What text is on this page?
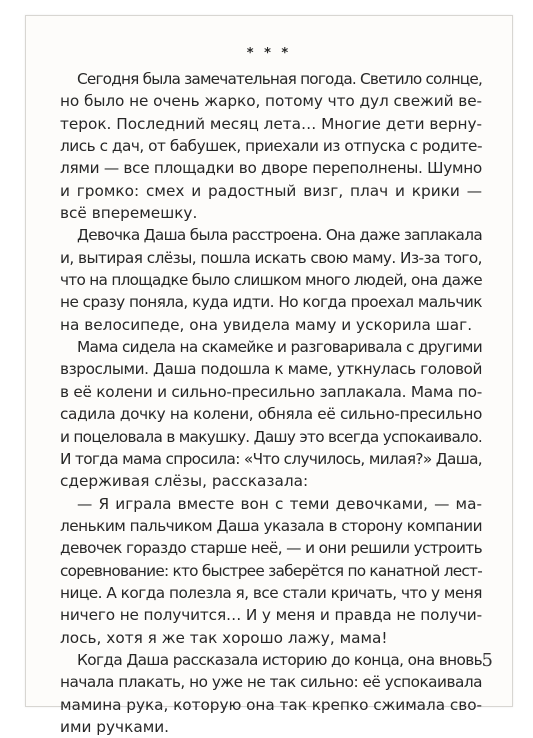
* * *
Сегодня была замечательная погода. Светило солнце,
но было не очень жарко, потому что дул свежий ве-
терок. Последний месяц лета… Многие дети верну-
лись с дач, от бабушек, приехали из отпуска с родите-
лями — все площадки во дворе переполнены. Шумно
и громко: смех и радостный визг, плач и крики —
всё вперемешку.
Девочка Даша была расстроена. Она даже заплакала
и, вытирая слёзы, пошла искать свою маму. Из-за того,
что на площадке было слишком много людей, она даже
не сразу поняла, куда идти. Но когда проехал мальчик
на велосипеде, она увидела маму и ускорила шаг.
Мама сидела на скамейке и разговаривала с другими
взрослыми. Даша подошла к маме, уткнулась головой
в её колени и сильно-пресильно заплакала. Мама по-
садила дочку на колени, обняла её сильно-пресильно
и поцеловала в макушку. Дашу это всегда успокаивало.
И тогда мама спросила: «Что случилось, милая?» Даша,
сдерживая слёзы, рассказала:
— Я играла вместе вон с теми девочками, — ма-
леньким пальчиком Даша указала в сторону компании
девочек гораздо старше неё, — и они решили устроить
соревнование: кто быстрее заберётся по канатной лест-
нице. А когда полезла я, все стали кричать, что у меня
ничего не получится… И у меня и правда не получи-
лось, хотя я же так хорошо лажу, мама!
Когда Даша рассказала историю до конца, она вновь
начала плакать, но уже не так сильно: её успокаивала
мамина рука, которую она так крепко сжимала сво-
ими ручками.
5
